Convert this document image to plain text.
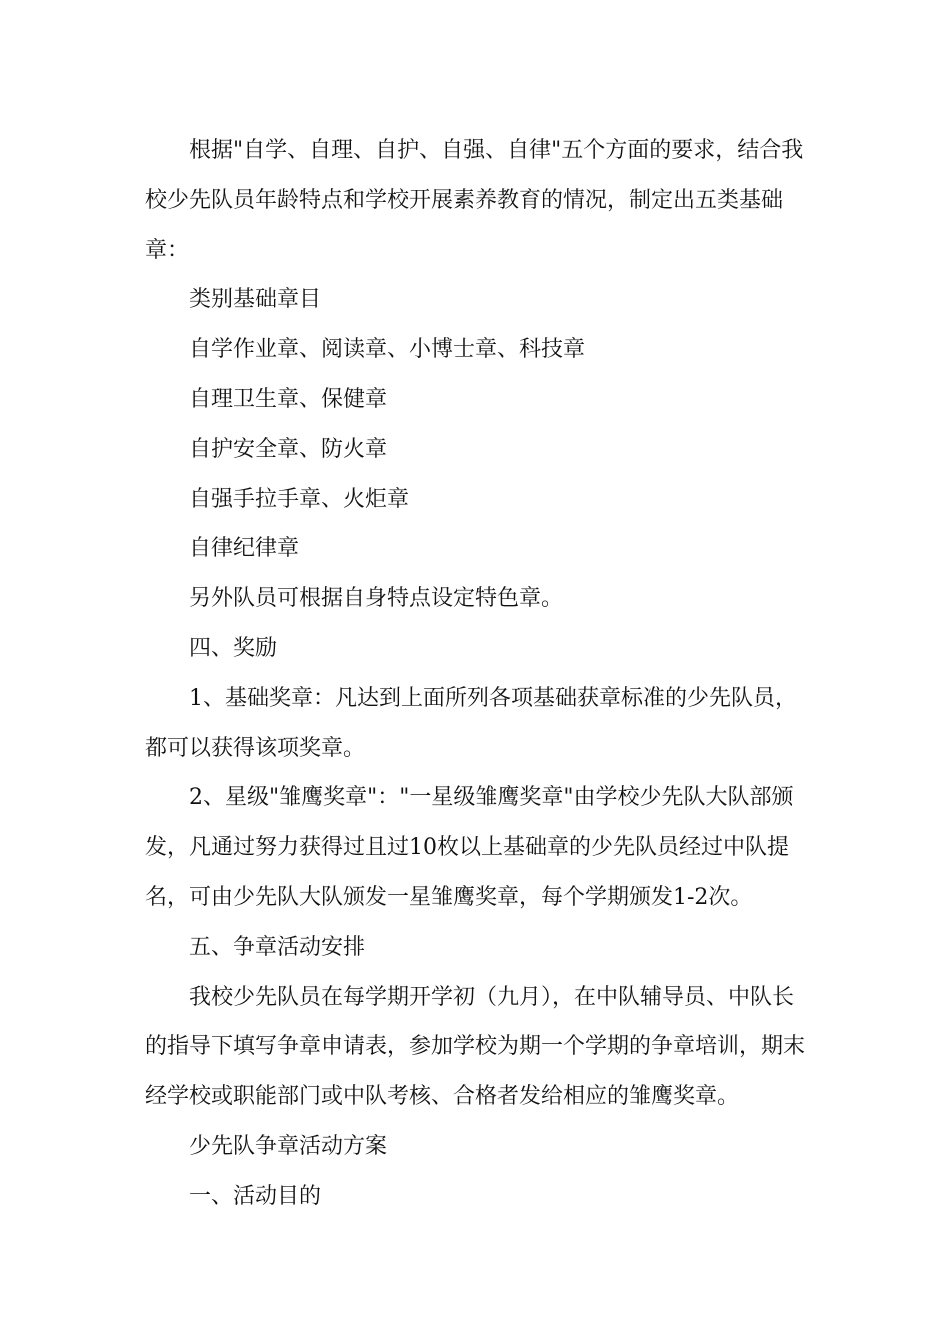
根据"自学、自理、自护、自强、自律"五个方面的要求，结合我校少先队员年龄特点和学校开展素养教育的情况，制定出五类基础章：

类别基础章目

自学作业章、阅读章、小博士章、科技章

自理卫生章、保健章

自护安全章、防火章

自强手拉手章、火炬章

自律纪律章

另外队员可根据自身特点设定特色章。

四、奖励

1、基础奖章：凡达到上面所列各项基础获章标准的少先队员，都可以获得该项奖章。

2、星级"雏鹰奖章"："一星级雏鹰奖章"由学校少先队大队部颁发，凡通过努力获得过且过10枚以上基础章的少先队员经过中队提名，可由少先队大队颁发一星雏鹰奖章，每个学期颁发1-2次。

五、争章活动安排

我校少先队员在每学期开学初（九月），在中队辅导员、中队长的指导下填写争章申请表，参加学校为期一个学期的争章培训，期末经学校或职能部门或中队考核、合格者发给相应的雏鹰奖章。

少先队争章活动方案

一、活动目的
